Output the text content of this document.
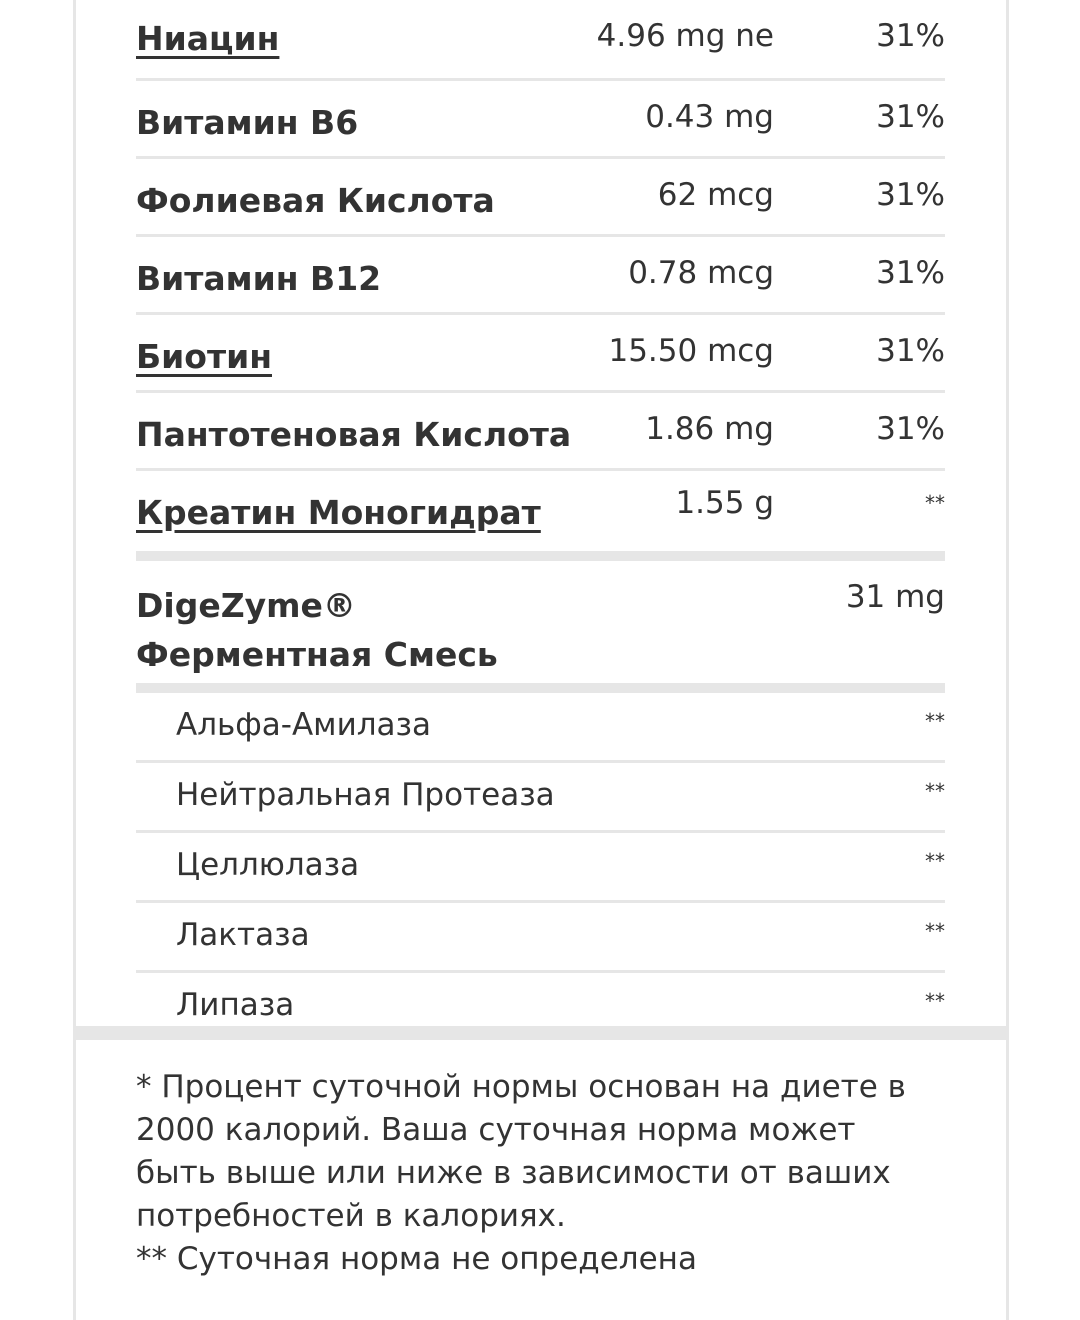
Ниацин	4.96 mg ne	31%
Витамин B6	0.43 mg	31%
Фолиевая Кислота	62 mcg	31%
Витамин B12	0.78 mcg	31%
Биотин	15.50 mcg	31%
Пантотеновая Кислота 1.86 mg	31%
Креатин Моногидрат	1.55 g	**
DigeZyme®
Ферментная Смесь
31 mg
Альфа-Амилаза	**
Нейтральная Протеаза	**
Целлюлаза	**
Лактаза	**
Липаза	**

* Процент суточной нормы основан на диете в 2000 калорий. Ваша суточная норма может быть выше или ниже в зависимости от ваших потребностей в калориях.

** Суточная норма не определена
